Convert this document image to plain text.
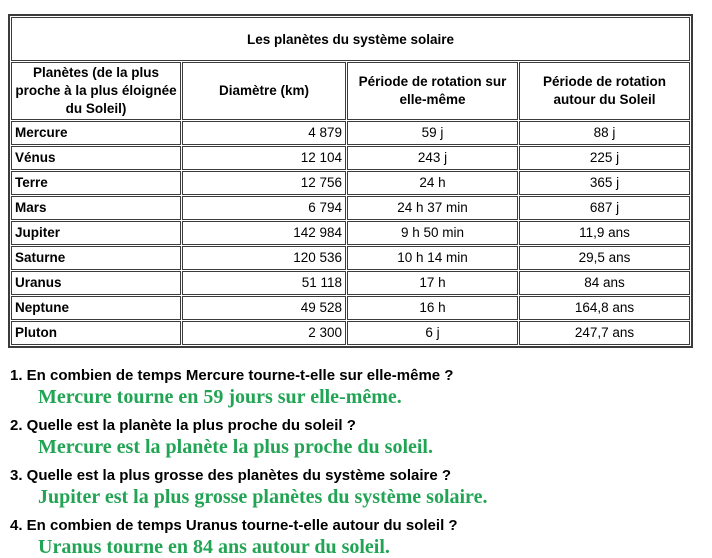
Les planètes du système solaire			
Planètes (de la plus proche à la plus éloignée du Soleil)	Diamètre (km)	Période de rotation sur elle-même	Période de rotation autour du Soleil
Mercure	4 879	59 j	88 j
Vénus	12 104	243 j	225 j
Terre	12 756	24 h	365 j
Mars	6 794	24 h 37 min	687 j
Jupiter	142 984	9 h 50 min	11,9 ans
Saturne	120 536	10 h 14 min	29,5 ans
Uranus	51 118	17 h	84 ans
Neptune	49 528	16 h	164,8 ans
Pluton	2 300	6 j	247,7 ans
1. En combien de temps Mercure tourne-t-elle sur elle-même ?
Mercure tourne en 59 jours sur elle-même.
2. Quelle est la planète la plus proche du soleil ?
Mercure est la planète la plus proche du soleil.
3. Quelle est la plus grosse des planètes du système solaire ?
Jupiter est la plus grosse planètes du système solaire.
4. En combien de temps Uranus tourne-t-elle autour du soleil ?
Uranus tourne en 84 ans autour du soleil.
